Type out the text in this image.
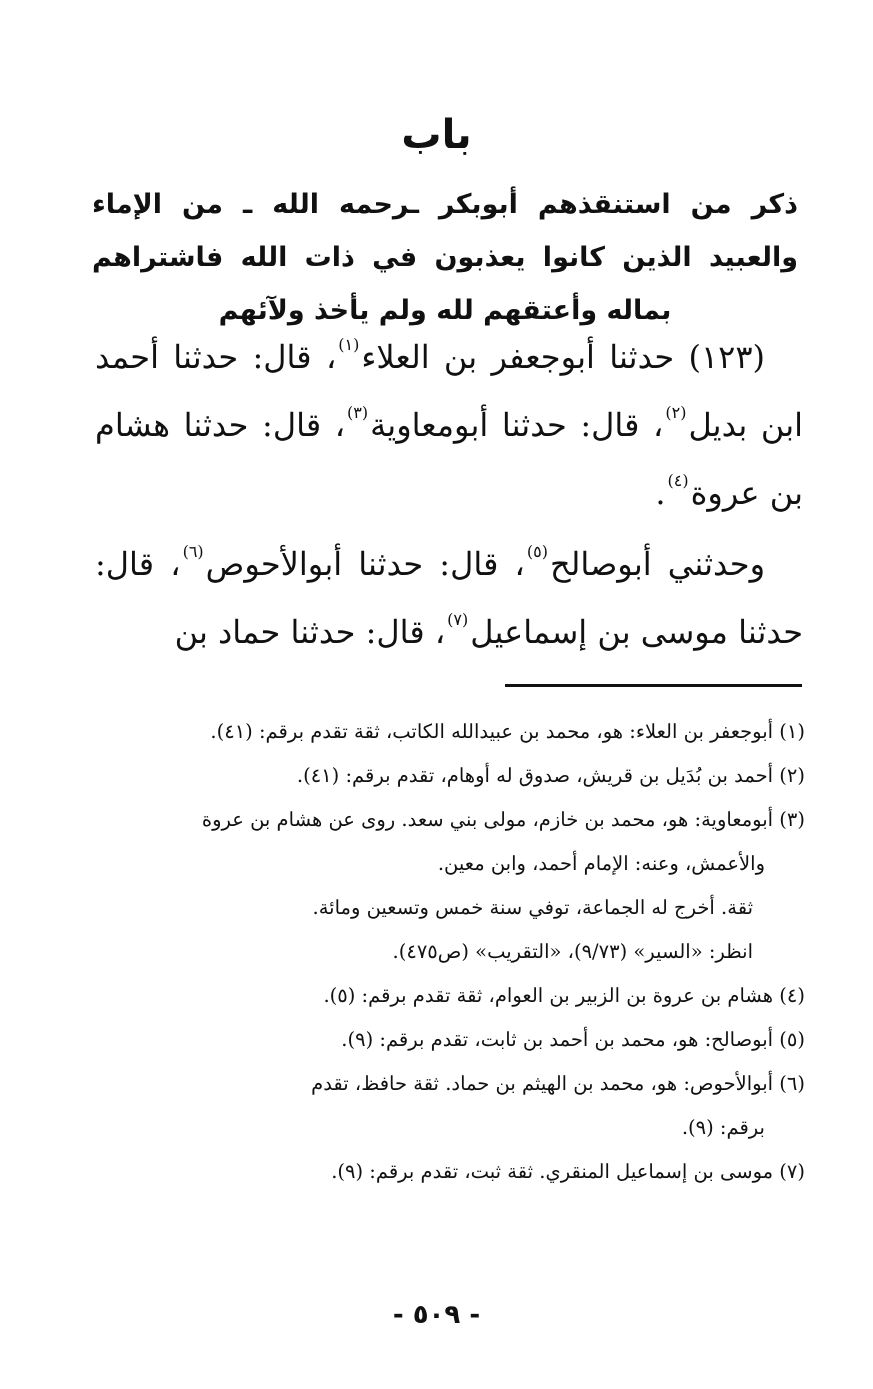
باب
ذكر من استنقذهم أبوبكر ـرحمه الله ـ من الإماء والعبيد الذين كانوا يعذبون في ذات الله فاشتراهم بماله وأعتقهم لله ولم يأخذ ولآئهم
(١٢٣) حدثنا أبوجعفر بن العلاء$^{(١)}$، قال: حدثنا أحمد ابن بديل$^{(٢)}$، قال: حدثنا أبومعاوية$^{(٣)}$، قال: حدثنا هشام بن عروة$^{(٤)}$.
وحدثني أبوصالح$^{(٥)}$، قال: حدثنا أبوالأحوص$^{(٦)}$، قال: حدثنا موسى بن إسماعيل$^{(٧)}$، قال: حدثنا حماد بن
(١) أبوجعفر بن العلاء: هو، محمد بن عبيدالله الكاتب، ثقة تقدم برقم: (٤١).
(٢) أحمد بن بُدَيل بن قريش، صدوق له أوهام، تقدم برقم: (٤١).
(٣) أبومعاوية: هو، محمد بن خازم، مولى بني سعد. روى عن هشام بن عروة
والأعمش، وعنه: الإمام أحمد، وابن معين.
ثقة. أخرج له الجماعة، توفي سنة خمس وتسعين ومائة.
انظر: «السير» (٩/٧٣)، «التقريب» (ص٤٧٥).
(٤) هشام بن عروة بن الزبير بن العوام، ثقة تقدم برقم: (٥).
(٥) أبوصالح: هو، محمد بن أحمد بن ثابت، تقدم برقم: (٩).
(٦) أبوالأحوص: هو، محمد بن الهيثم بن حماد. ثقة حافظ، تقدم
برقم: (٩).
(٧) موسى بن إسماعيل المنقري. ثقة ثبت، تقدم برقم: (٩).
- ٥٠٩ -
